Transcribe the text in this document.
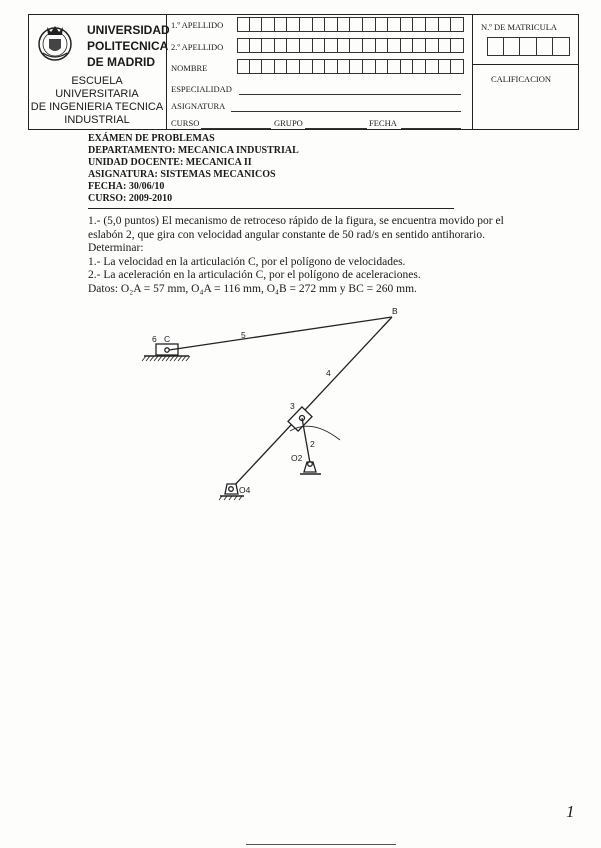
UNIVERSIDAD
POLITECNICA
DE MADRID
ESCUELA UNIVERSITARIA
DE INGENIERIA TECNICA
INDUSTRIAL
1.º APELLIDO
2.º APELLIDO
NOMBRE
ESPECIALIDAD
ASIGNATURA
CURSO	GRUPO	FECHA
N.º DE MATRICULA
CALIFICACION
EXÁMEN DE PROBLEMAS
DEPARTAMENTO: MECANICA INDUSTRIAL
UNIDAD DOCENTE: MECANICA II
ASIGNATURA: SISTEMAS MECANICOS
FECHA: 30/06/10
CURSO: 2009-2010
1.- (5,0 puntos) El mecanismo de retroceso rápido de la figura, se encuentra movido por el
eslabón 2, que gira con velocidad angular constante de 50 rad/s en sentido antihorario.
Determinar:
1.- La velocidad en la articulación C, por el polígono de velocidades.
2.- La aceleración en la articulación C, por el polígono de aceleraciones.
Datos: O₂A = 57 mm, O₄A = 116 mm, O₄B = 272 mm y BC = 260 mm.
6 C	5
B
4
3
2
O2
O4
1
